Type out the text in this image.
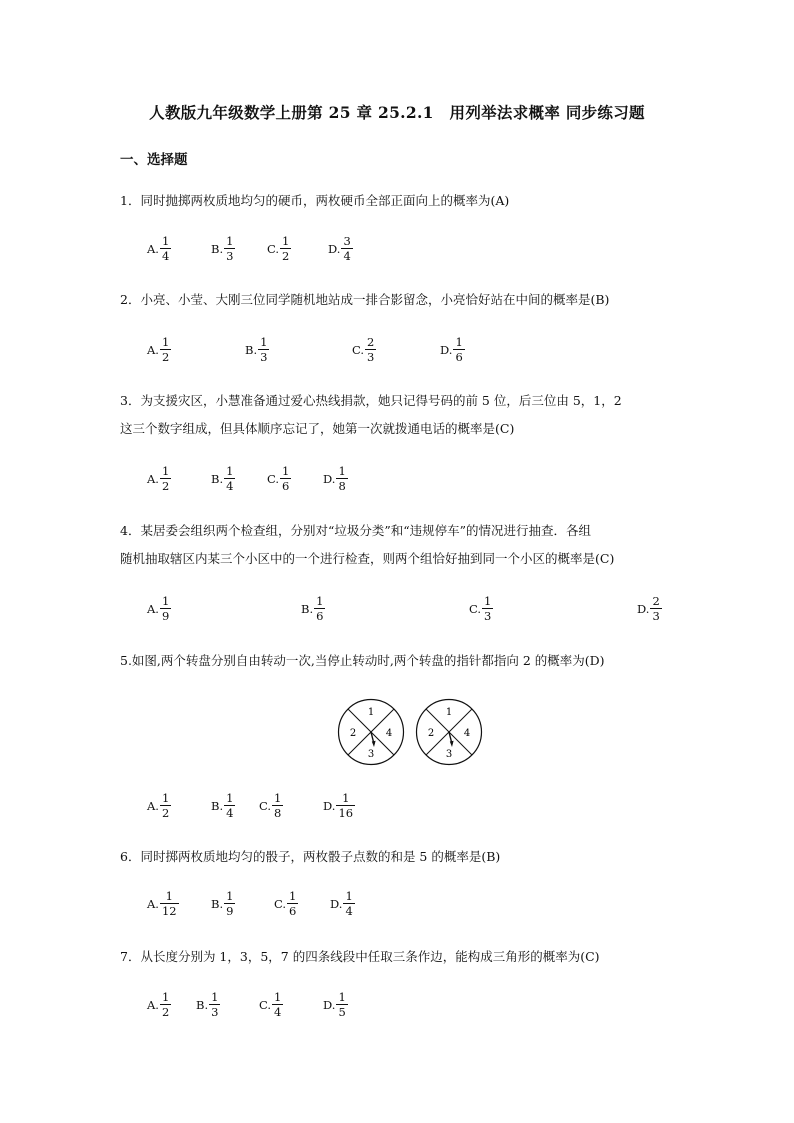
人教版九年级数学上册第 25 章 25.2.1　用列举法求概率 同步练习题
一、选择题
1．同时抛掷两枚质地均匀的硬币，两枚硬币全部正面向上的概率为(A)
2．小亮、小莹、大刚三位同学随机地站成一排合影留念，小亮恰好站在中间的概率是(B)
3．为支援灾区，小慧准备通过爱心热线捐款，她只记得号码的前 5 位，后三位由 5，1，2
这三个数字组成，但具体顺序忘记了，她第一次就拨通电话的概率是(C)
4．某居委会组织两个检查组，分别对“垃圾分类”和“违规停车”的情况进行抽查．各组
随机抽取辖区内某三个小区中的一个进行检查，则两个组恰好抽到同一个小区的概率是(C)
5.如图,两个转盘分别自由转动一次,当停止转动时,两个转盘的指针都指向 2 的概率为(D)
1
2
3
4
1
2
3
4
6．同时掷两枚质地均匀的骰子，两枚骰子点数的和是 5 的概率是(B)
7．从长度分别为 1，3，5，7 的四条线段中任取三条作边，能构成三角形的概率为(C)
A. $\frac{1}{4}$	B. $\frac{1}{3}$	C. $\frac{1}{2}$	D. $\frac{3}{4}$
A. $\frac{1}{2}$	B. $\frac{1}{3}$	C. $\frac{2}{3}$	D. $\frac{1}{6}$
A. $\frac{1}{2}$	B. $\frac{1}{4}$	C. $\frac{1}{6}$	D. $\frac{1}{8}$
A. $\frac{1}{9}$	B. $\frac{1}{6}$	C. $\frac{1}{3}$	D. $\frac{2}{3}$
A. $\frac{1}{2}$	B. $\frac{1}{4} C$. $\frac{1}{8}$	D. $\frac{1}{16}$
A. $\frac{1}{12}$	B. $\frac{1}{9}$	C. $\frac{1}{6}$	D. $\frac{1}{4}$
A. $\frac{1}{2} B$. $\frac{1}{3}$	C. $\frac{1}{4}$	D. $\frac{1}{5}$
